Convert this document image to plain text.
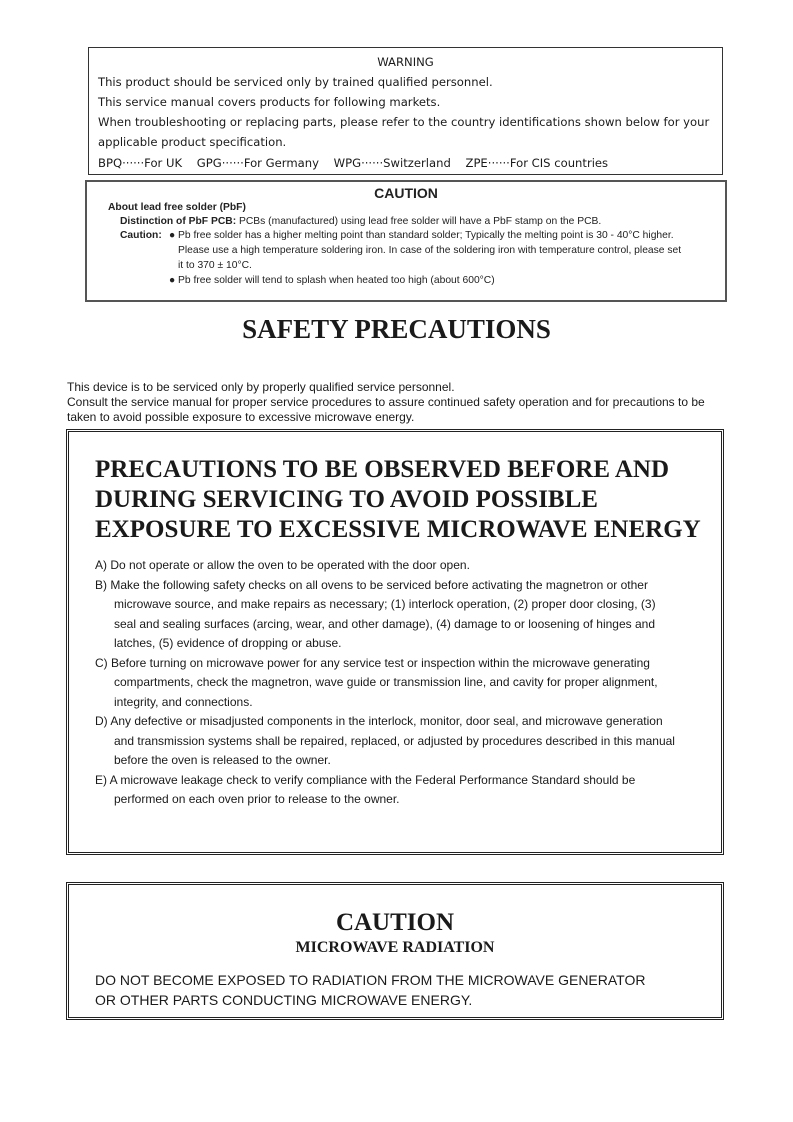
WARNING
This product should be serviced only by trained qualified personnel.
This service manual covers products for following markets.
When troubleshooting or replacing parts, please refer to the country identifications shown below for your
applicable product specification.
BPQ······For UK GPG······For Germany WPG······Switzerland ZPE······For CIS countries
CAUTION
About lead free solder (PbF)
Distinction of PbF PCB: PCBs (manufactured) using lead free solder will have a PbF stamp on the PCB.
Caution: ● Pb free solder has a higher melting point than standard solder; Typically the melting point is 30 - 40°C higher.
Please use a high temperature soldering iron. In case of the soldering iron with temperature control, please set
it to 370 ± 10°C.
● Pb free solder will tend to splash when heated too high (about 600°C)
SAFETY PRECAUTIONS
This device is to be serviced only by properly qualified service personnel.
Consult the service manual for proper service procedures to assure continued safety operation and for precautions to be
taken to avoid possible exposure to excessive microwave energy.
PRECAUTIONS TO BE OBSERVED BEFORE AND
DURING SERVICING TO AVOID POSSIBLE
EXPOSURE TO EXCESSIVE MICROWAVE ENERGY
A) Do not operate or allow the oven to be operated with the door open.
B) Make the following safety checks on all ovens to be serviced before activating the magnetron or other
microwave source, and make repairs as necessary; (1) interlock operation, (2) proper door closing, (3)
seal and sealing surfaces (arcing, wear, and other damage), (4) damage to or loosening of hinges and
latches, (5) evidence of dropping or abuse.
C) Before turning on microwave power for any service test or inspection within the microwave generating
compartments, check the magnetron, wave guide or transmission line, and cavity for proper alignment,
integrity, and connections.
D) Any defective or misadjusted components in the interlock, monitor, door seal, and microwave generation
and transmission systems shall be repaired, replaced, or adjusted by procedures described in this manual
before the oven is released to the owner.
E) A microwave leakage check to verify compliance with the Federal Performance Standard should be
performed on each oven prior to release to the owner.
CAUTION
MICROWAVE RADIATION
DO NOT BECOME EXPOSED TO RADIATION FROM THE MICROWAVE GENERATOR
OR OTHER PARTS CONDUCTING MICROWAVE ENERGY.
